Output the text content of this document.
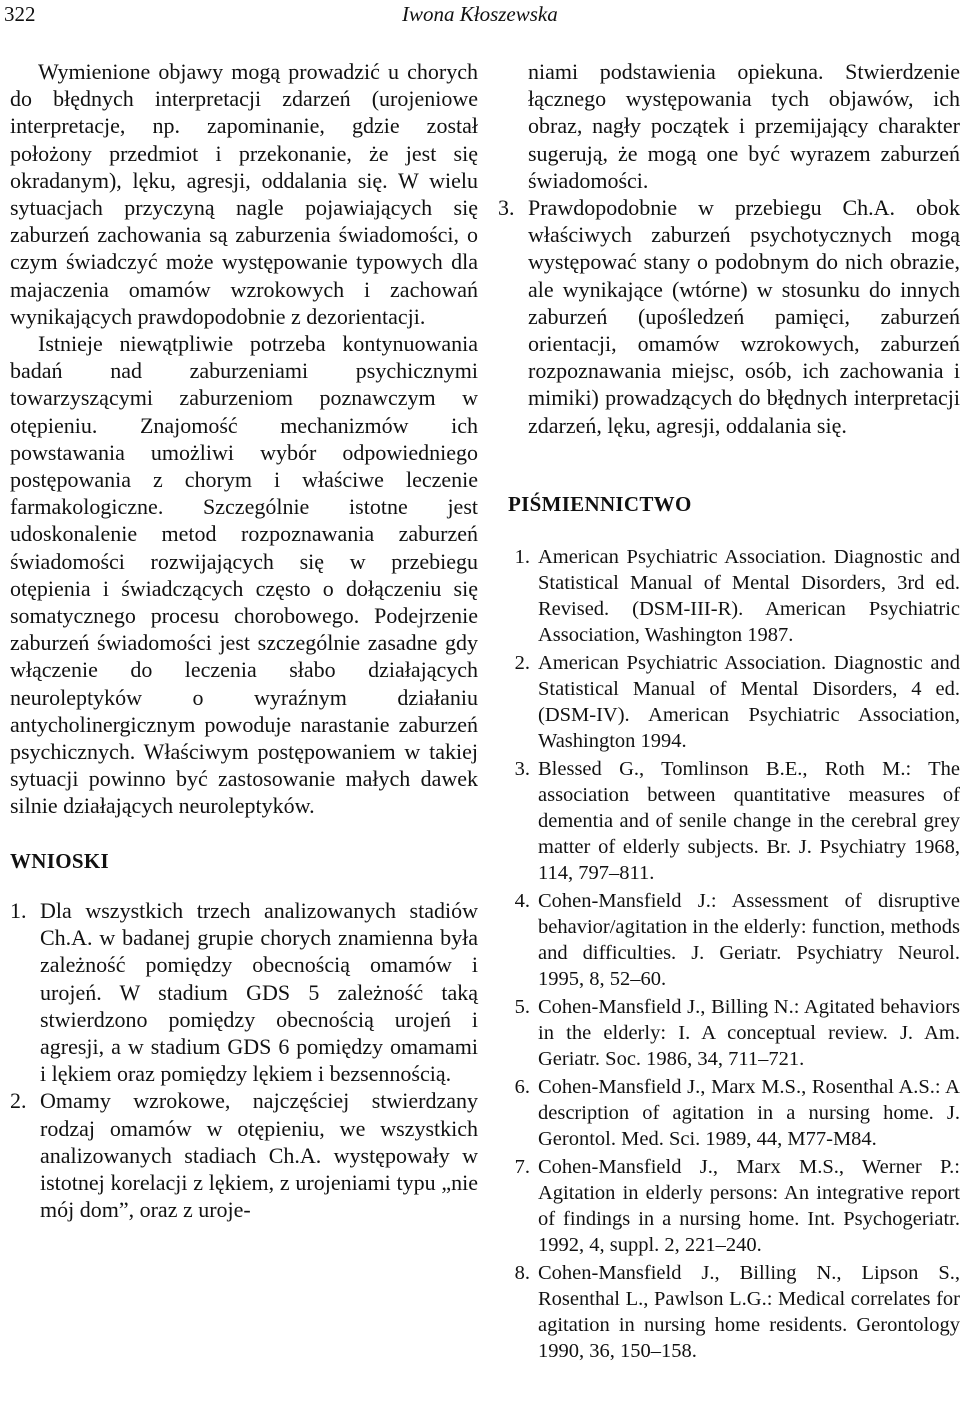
322	Iwona Kłoszewska

Wymienione objawy mogą prowadzić u chorych do błędnych interpretacji zdarzeń (urojeniowe interpretacje, np. zapominanie, gdzie został położony przedmiot i przekonanie, że jest się okradanym), lęku, agresji, oddalania się. W wielu sytuacjach przyczyną nagle pojawiających się zaburzeń zachowania są zaburzenia świadomości, o czym świadczyć może występowanie typowych dla majaczenia omamów wzrokowych i zachowań wynikających prawdopodobnie z dezorientacji.

Istnieje niewątpliwie potrzeba kontynuowania badań nad zaburzeniami psychicznymi towarzyszącymi zaburzeniom poznawczym w otępieniu. Znajomość mechanizmów ich powstawania umożliwi wybór odpowiedniego postępowania z chorym i właściwe leczenie farmakologiczne. Szczególnie istotne jest udoskonalenie metod rozpoznawania zaburzeń świadomości rozwijających się w przebiegu otępienia i świadczących często o dołączeniu się somatycznego procesu chorobowego. Podejrzenie zaburzeń świadomości jest szczególnie zasadne gdy włączenie do leczenia słabo działających neuroleptyków o wyraźnym działaniu antycholinergicznym powoduje narastanie zaburzeń psychicznych. Właściwym postępowaniem w takiej sytuacji powinno być zastosowanie małych dawek silnie działających neuroleptyków.

WNIOSKI
1. Dla wszystkich trzech analizowanych stadiów Ch.A. w badanej grupie chorych znamienna była zależność pomiędzy obecnością omamów i urojeń. W stadium GDS 5 zależność taką stwierdzono pomiędzy obecnością urojeń i agresji, a w stadium GDS 6 pomiędzy omamami i lękiem oraz pomiędzy lękiem i bezsennością.
2. Omamy wzrokowe, najczęściej stwierdzany rodzaj omamów w otępieniu, we wszystkich analizowanych stadiach Ch.A. występowały w istotnej korelacji z lękiem, z urojeniami typu „nie mój dom”, oraz z uroje-

niami podstawienia opiekuna. Stwierdzenie łącznego występowania tych objawów, ich obraz, nagły początek i przemijający charakter sugerują, że mogą one być wyrazem zaburzeń świadomości.

3. Prawdopodobnie w przebiegu Ch.A. obok właściwych zaburzeń psychotycznych mogą występować stany o podobnym do nich obrazie, ale wynikające (wtórne) w stosunku do innych zaburzeń (upośledzeń pamięci, zaburzeń orientacji, omamów wzrokowych, zaburzeń rozpoznawania miejsc, osób, ich zachowania i mimiki) prowadzących do błędnych interpretacji zdarzeń, lęku, agresji, oddalania się.
PIŚMIENNICTWO
1. American Psychiatric Association. Diagnostic and Statistical Manual of Mental Disorders, 3rd ed. Revised. (DSM-III-R). American Psychiatric Association, Washington 1987.
2. American Psychiatric Association. Diagnostic and Statistical Manual of Mental Disorders, 4 ed. (DSM-IV). American Psychiatric Association, Washington 1994.
3. Blessed G., Tomlinson B.E., Roth M.: The association between quantitative measures of dementia and of senile change in the cerebral grey matter of elderly subjects. Br. J. Psychiatry 1968, 114, 797–811.
4. Cohen-Mansfield J.: Assessment of disruptive behavior/agitation in the elderly: function, methods and difficulties. J. Geriatr. Psychiatry Neurol. 1995, 8, 52–60.
5. Cohen-Mansfield J., Billing N.: Agitated behaviors in the elderly: I. A conceptual review. J. Am. Geriatr. Soc. 1986, 34, 711–721.
6. Cohen-Mansfield J., Marx M.S., Rosenthal A.S.: A description of agitation in a nursing home. J. Gerontol. Med. Sci. 1989, 44, M77-M84.
7. Cohen-Mansfield J., Marx M.S., Werner P.: Agitation in elderly persons: An integrative report of findings in a nursing home. Int. Psychogeriatr. 1992, 4, suppl. 2, 221–240.
8. Cohen-Mansfield J., Billing N., Lipson S., Rosenthal L., Pawlson L.G.: Medical correlates for agitation in nursing home residents. Gerontology 1990, 36, 150–158.
